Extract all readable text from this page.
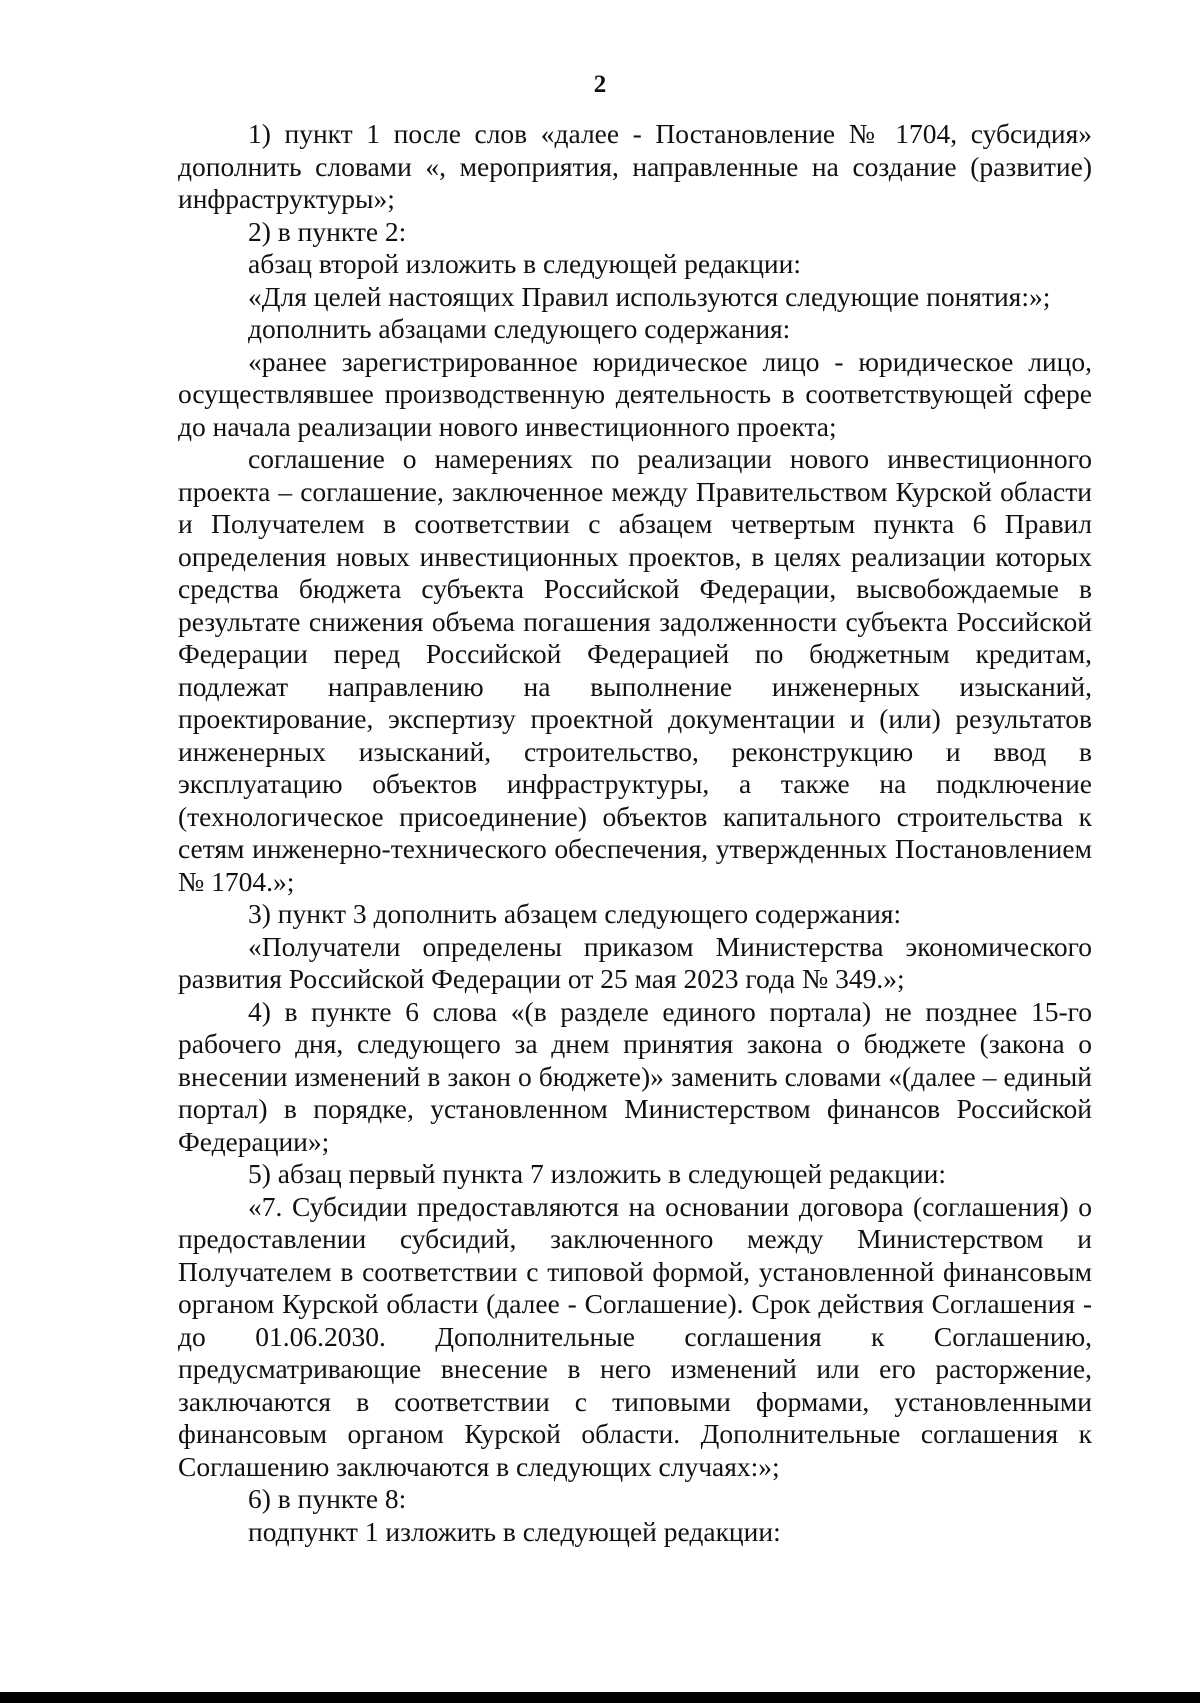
2

1) пункт 1 после слов «далее - Постановление № 1704, субсидия» дополнить словами «, мероприятия, направленные на создание (развитие) инфраструктуры»;

2) в пункте 2:

абзац второй изложить в следующей редакции:

«Для целей настоящих Правил используются следующие понятия:»;

дополнить абзацами следующего содержания:

«ранее зарегистрированное юридическое лицо - юридическое лицо, осуществлявшее производственную деятельность в соответствующей сфере до начала реализации нового инвестиционного проекта;

соглашение о намерениях по реализации нового инвестиционного проекта – соглашение, заключенное между Правительством Курской области и Получателем в соответствии с абзацем четвертым пункта 6 Правил определения новых инвестиционных проектов, в целях реализации которых средства бюджета субъекта Российской Федерации, высвобождаемые в результате снижения объема погашения задолженности субъекта Российской Федерации перед Российской Федерацией по бюджетным кредитам, подлежат направлению на выполнение инженерных изысканий, проектирование, экспертизу проектной документации и (или) результатов инженерных изысканий, строительство, реконструкцию и ввод в эксплуатацию объектов инфраструктуры, а также на подключение (технологическое присоединение) объектов капитального строительства к сетям инженерно-технического обеспечения, утвержденных Постановлением № 1704.»;

3) пункт 3 дополнить абзацем следующего содержания:

«Получатели определены приказом Министерства экономического развития Российской Федерации от 25 мая 2023 года № 349.»;

4) в пункте 6 слова «(в разделе единого портала) не позднее 15-го рабочего дня, следующего за днем принятия закона о бюджете (закона о внесении изменений в закон о бюджете)» заменить словами «(далее – единый портал) в порядке, установленном Министерством финансов Российской Федерации»;

5) абзац первый пункта 7 изложить в следующей редакции:

«7. Субсидии предоставляются на основании договора (соглашения) о предоставлении субсидий, заключенного между Министерством и Получателем в соответствии с типовой формой, установленной финансовым органом Курской области (далее - Соглашение). Срок действия Соглашения - до 01.06.2030. Дополнительные соглашения к Соглашению, предусматривающие внесение в него изменений или его расторжение, заключаются в соответствии с типовыми формами, установленными финансовым органом Курской области. Дополнительные соглашения к Соглашению заключаются в следующих случаях:»;

6) в пункте 8:

подпункт 1 изложить в следующей редакции:
